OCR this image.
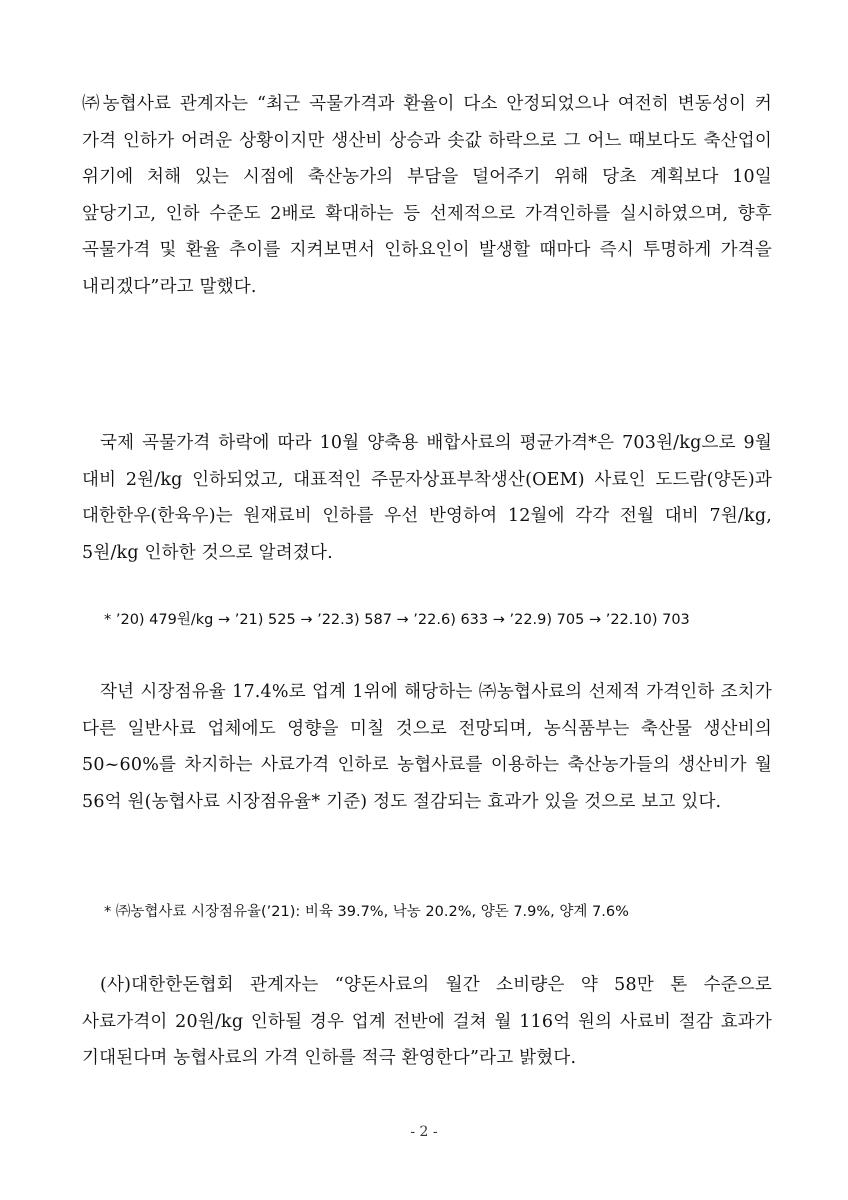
㈜농협사료 관계자는 “최근 곡물가격과 환율이 다소 안정되었으나 여전히 변동성이 커 가격 인하가 어려운 상황이지만 생산비 상승과 솟값 하락으로 그 어느 때보다도 축산업이 위기에 처해 있는 시점에 축산농가의 부담을 덜어주기 위해 당초 계획보다 10일 앞당기고, 인하 수준도 2배로 확대하는 등 선제적으로 가격인하를 실시하였으며, 향후 곡물가격 및 환율 추이를 지켜보면서 인하요인이 발생할 때마다 즉시 투명하게 가격을 내리겠다”라고 말했다.

국제 곡물가격 하락에 따라 10월 양축용 배합사료의 평균가격*은 703원/kg으로 9월 대비 2원/kg 인하되었고, 대표적인 주문자상표부착생산(OEM) 사료인 도드람(양돈)과 대한한우(한육우)는 원재료비 인하를 우선 반영하여 12월에 각각 전월 대비 7원/kg, 5원/kg 인하한 것으로 알려졌다.

* ’20) 479원/kg → ’21) 525 → ’22.3) 587 → ’22.6) 633 → ’22.9) 705 → ’22.10) 703

작년 시장점유율 17.4%로 업계 1위에 해당하는 ㈜농협사료의 선제적 가격인하 조치가 다른 일반사료 업체에도 영향을 미칠 것으로 전망되며, 농식품부는 축산물 생산비의 50~60%를 차지하는 사료가격 인하로 농협사료를 이용하는 축산농가들의 생산비가 월 56억 원(농협사료 시장점유율* 기준) 정도 절감되는 효과가 있을 것으로 보고 있다.

* ㈜농협사료 시장점유율(’21): 비육 39.7%, 낙농 20.2%, 양돈 7.9%, 양계 7.6%

(사)대한한돈협회 관계자는 “양돈사료의 월간 소비량은 약 58만 톤 수준으로 사료가격이 20원/kg 인하될 경우 업계 전반에 걸쳐 월 116억 원의 사료비 절감 효과가 기대된다며 농협사료의 가격 인하를 적극 환영한다”라고 밝혔다.

- 2 -
